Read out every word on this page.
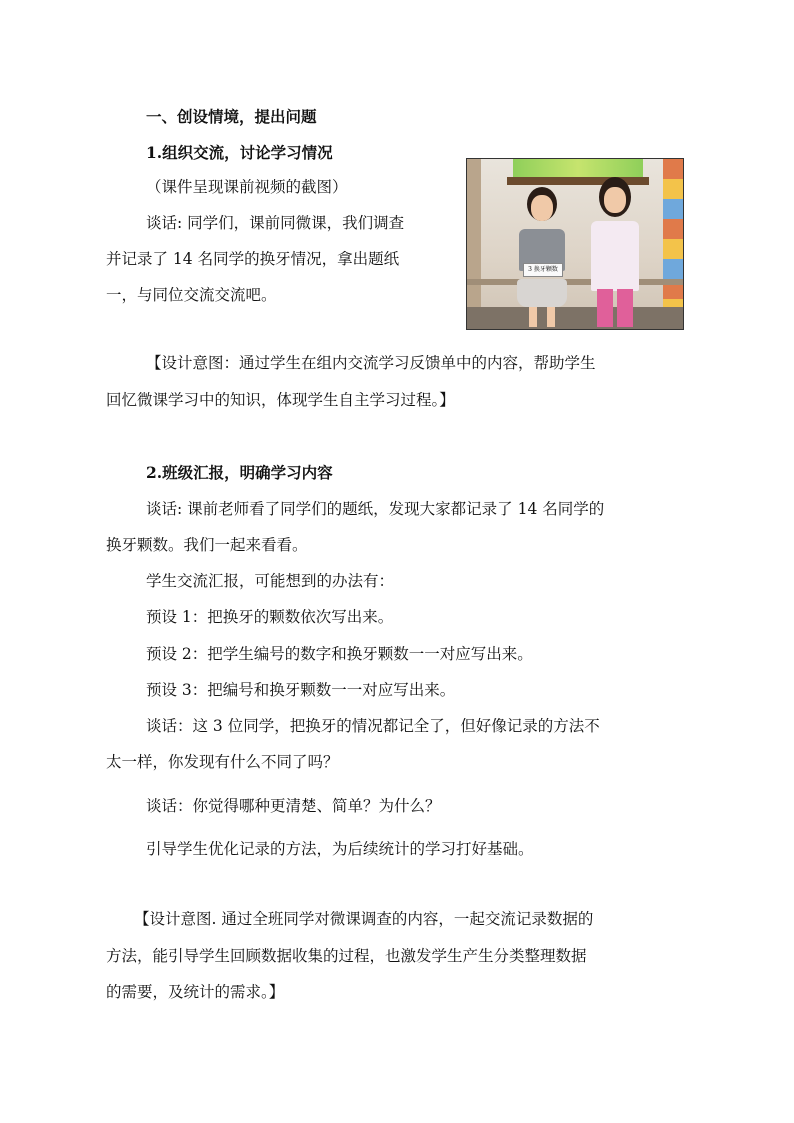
一、创设情境，提出问题
1.组织交流，讨论学习情况
（课件呈现课前视频的截图）
谈话: 同学们，课前同微课，我们调查
并记录了 14 名同学的换牙情况，拿出题纸
一，与同位交流交流吧。
3 换牙颗数
【设计意图：通过学生在组内交流学习反馈单中的内容，帮助学生
回忆微课学习中的知识，体现学生自主学习过程。】
2.班级汇报，明确学习内容
谈话: 课前老师看了同学们的题纸，发现大家都记录了 14 名同学的
换牙颗数。我们一起来看看。
学生交流汇报，可能想到的办法有：
预设 1：把换牙的颗数依次写出来。
预设 2：把学生编号的数字和换牙颗数一一对应写出来。
预设 3：把编号和换牙颗数一一对应写出来。
谈话：这 3 位同学，把换牙的情况都记全了，但好像记录的方法不
太一样，你发现有什么不同了吗？
谈话：你觉得哪种更清楚、简单？为什么？
引导学生优化记录的方法，为后续统计的学习打好基础。
【设计意图. 通过全班同学对微课调查的内容，一起交流记录数据的
方法，能引导学生回顾数据收集的过程，也激发学生产生分类整理数据
的需要，及统计的需求。】
